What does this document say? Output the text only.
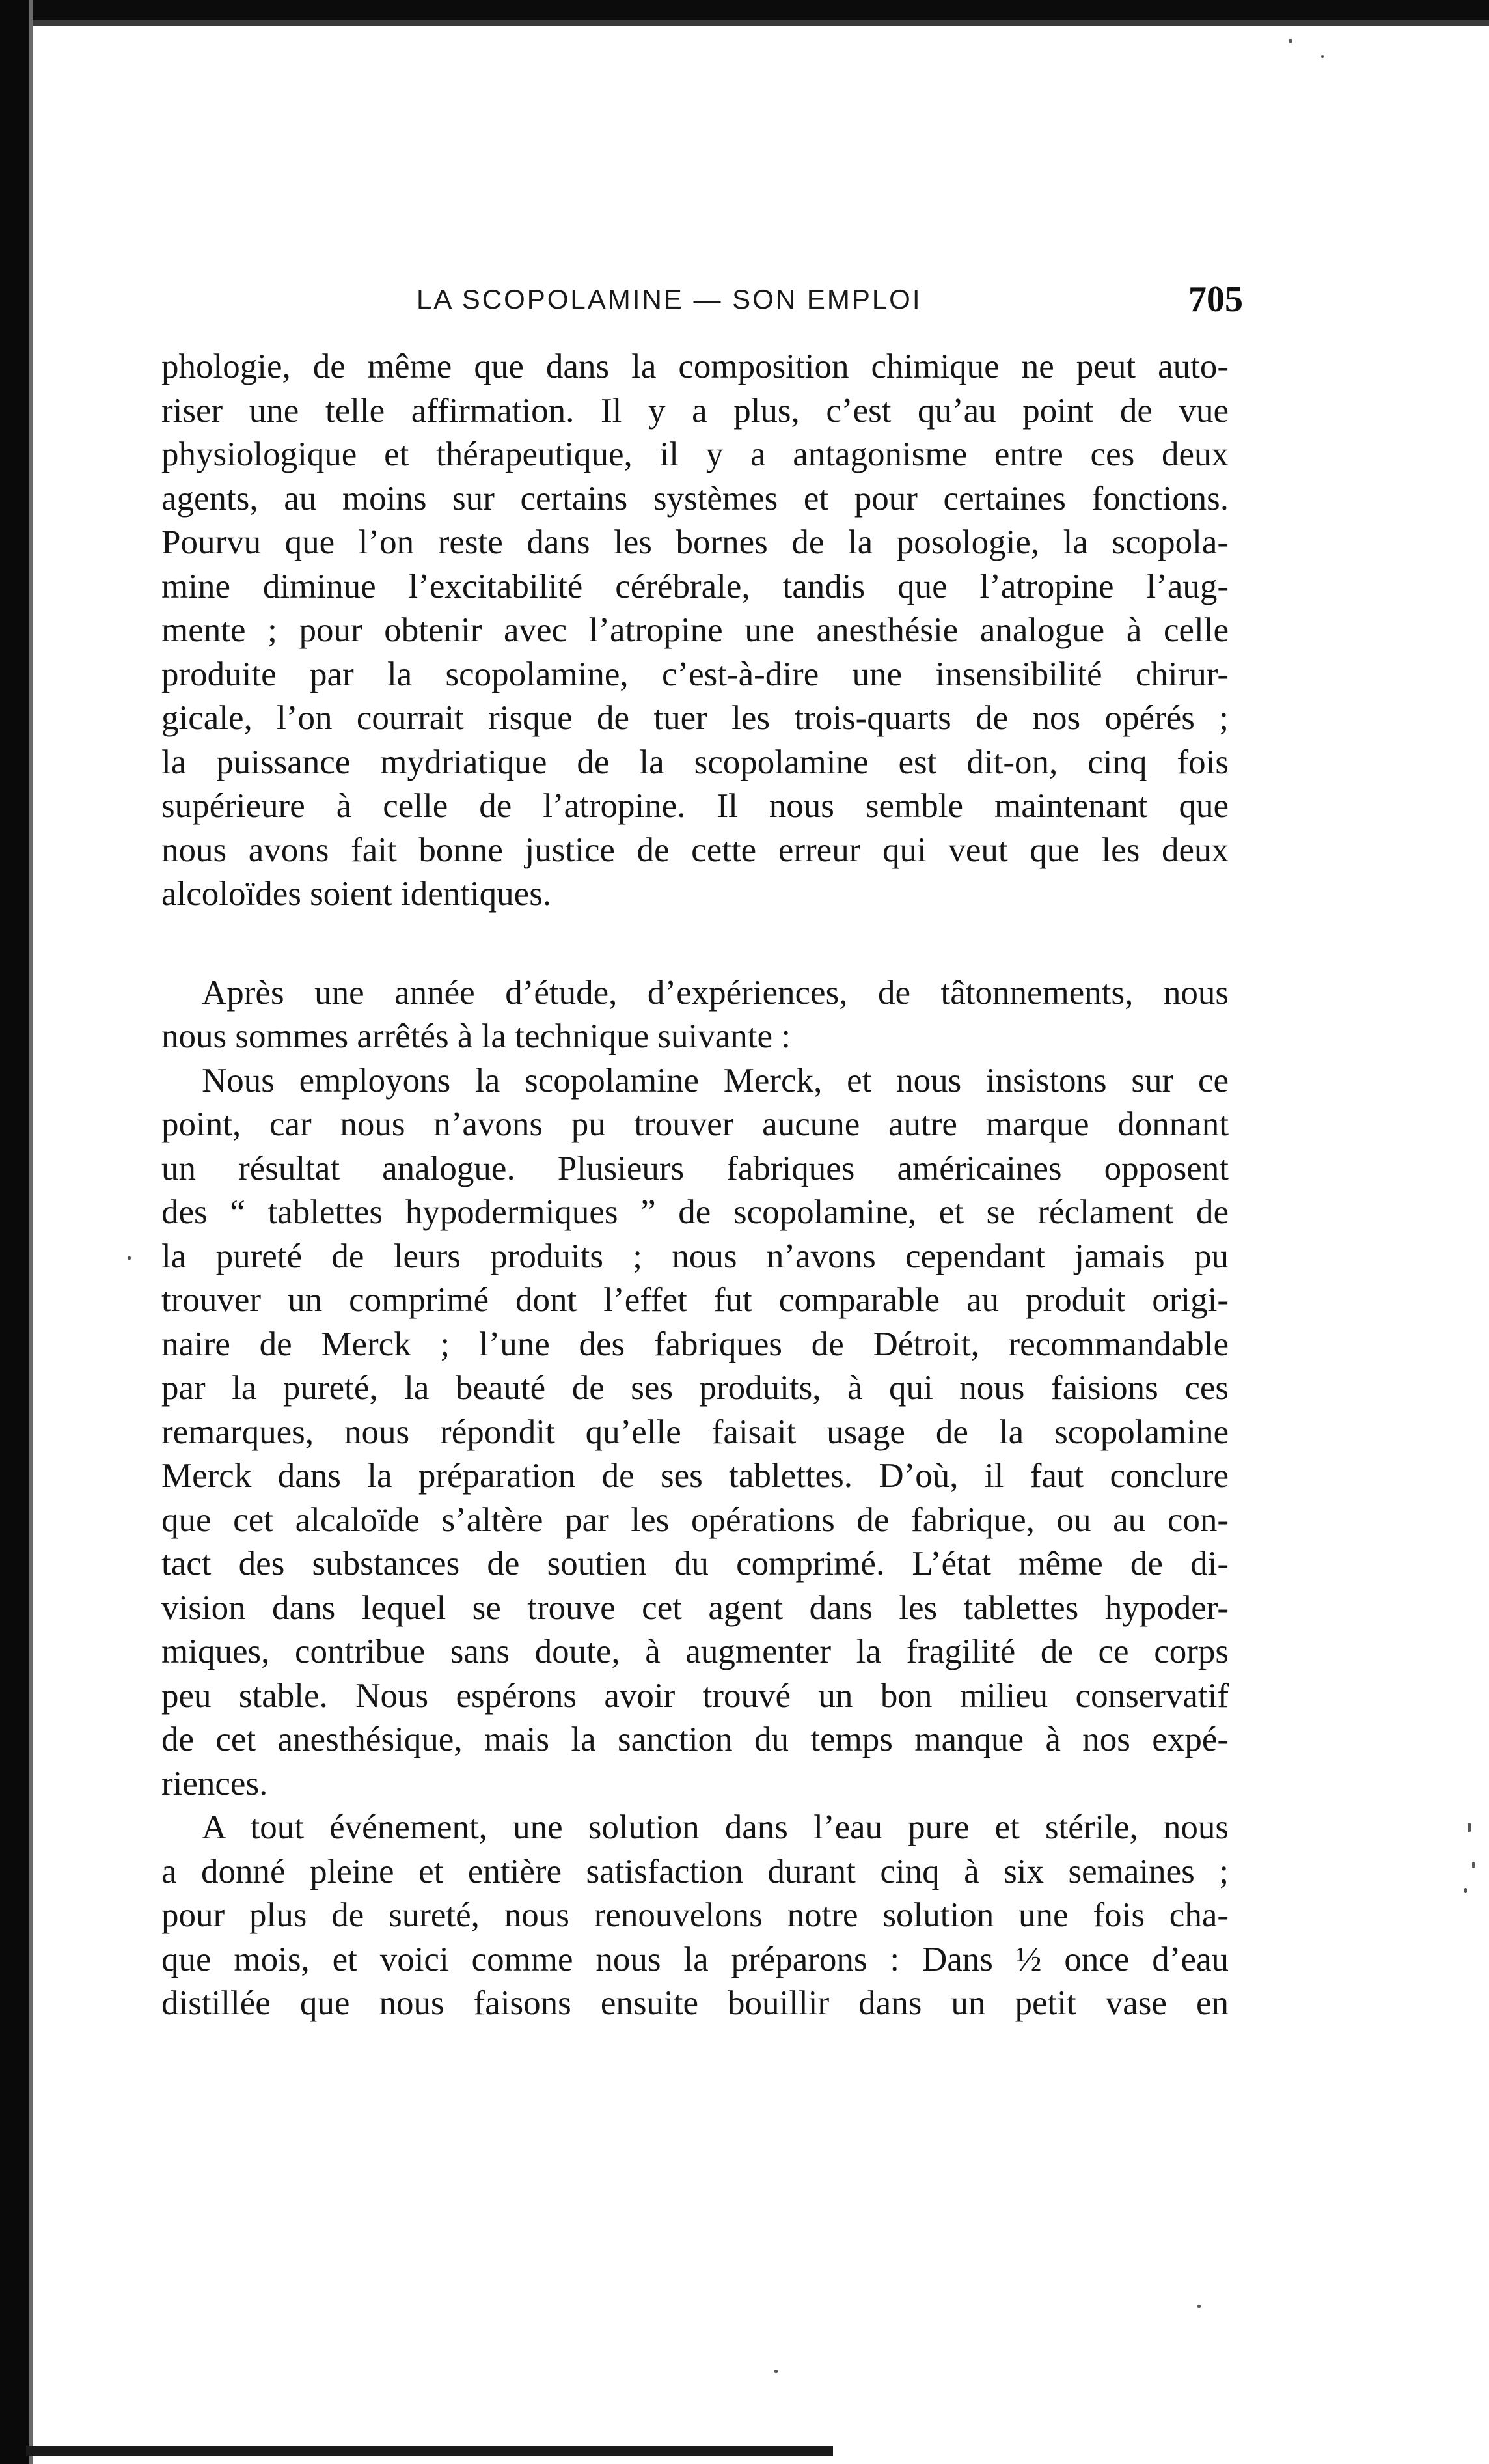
LA SCOPOLAMINE — SON EMPLOI	705

phologie, de même que dans la composition chimique ne peut auto-
riser une telle affirmation. Il y a plus, c’est qu’au point de vue
physiologique et thérapeutique, il y a antagonisme entre ces deux
agents, au moins sur certains systèmes et pour certaines fonctions.
Pourvu que l’on reste dans les bornes de la posologie, la scopola-
mine diminue l’excitabilité cérébrale, tandis que l’atropine l’aug-
mente ; pour obtenir avec l’atropine une anesthésie analogue à celle
produite par la scopolamine, c’est-à-dire une insensibilité chirur-
gicale, l’on courrait risque de tuer les trois-quarts de nos opérés ;
la puissance mydriatique de la scopolamine est dit-on, cinq fois
supérieure à celle de l’atropine. Il nous semble maintenant que
nous avons fait bonne justice de cette erreur qui veut que les deux
alcoloïdes soient identiques.

Après une année d’étude, d’expériences, de tâtonnements, nous
nous sommes arrêtés à la technique suivante :

Nous employons la scopolamine Merck, et nous insistons sur ce
point, car nous n’avons pu trouver aucune autre marque donnant
un résultat analogue. Plusieurs fabriques américaines opposent
des “ tablettes hypodermiques ” de scopolamine, et se réclament de
la pureté de leurs produits ; nous n’avons cependant jamais pu
trouver un comprimé dont l’effet fut comparable au produit origi-
naire de Merck ; l’une des fabriques de Détroit, recommandable
par la pureté, la beauté de ses produits, à qui nous faisions ces
remarques, nous répondit qu’elle faisait usage de la scopolamine
Merck dans la préparation de ses tablettes. D’où, il faut conclure
que cet alcaloïde s’altère par les opérations de fabrique, ou au con-
tact des substances de soutien du comprimé. L’état même de di-
vision dans lequel se trouve cet agent dans les tablettes hypoder-
miques, contribue sans doute, à augmenter la fragilité de ce corps
peu stable. Nous espérons avoir trouvé un bon milieu conservatif
de cet anesthésique, mais la sanction du temps manque à nos expé-
riences.

A tout événement, une solution dans l’eau pure et stérile, nous
a donné pleine et entière satisfaction durant cinq à six semaines ;
pour plus de sureté, nous renouvelons notre solution une fois cha-
que mois, et voici comme nous la préparons : Dans ½ once d’eau
distillée que nous faisons ensuite bouillir dans un petit vase en
